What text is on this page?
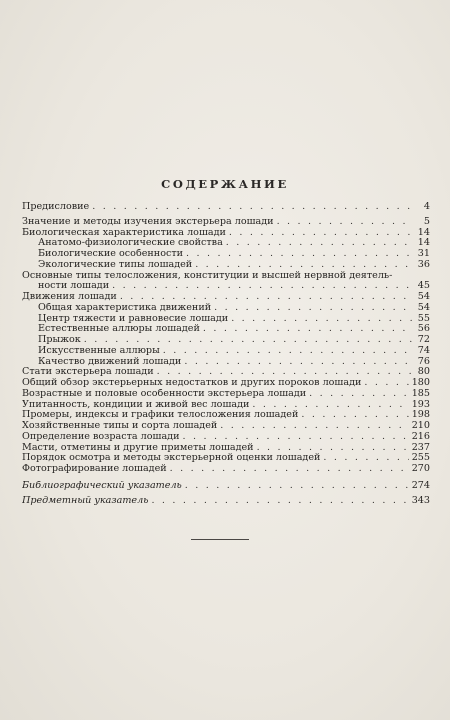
СОДЕРЖАНИЕ
Предисловие . . .	4
Значение и методы изучения экстерьера лошади . . .	5
Биологическая характеристика лошади . . .	14
Анатомо-физиологические свойства . . .	14
Биологические особенности . . .	31
Экологические типы лошадей . . .	36
Основные типы телосложения, конституции и высшей нервной деятель-
ности лошади . . .	45
Движения лошади . . .	54
Общая характеристика движений . . .	54
Центр тяжести и равновесие лошади . . .	55
Естественные аллюры лошадей . . .	56
Прыжок . . .	72
Искусственные аллюры . . .	74
Качество движений лошади . . .	76
Стати экстерьера лошади . . .	80
Общий обзор экстерьерных недостатков и других пороков лошади . . .	180
Возрастные и половые особенности экстерьера лошади . . .	185
Упитанность, кондиции и живой вес лошади . . .	193
Промеры, индексы и графики телосложения лошадей . . .	198
Хозяйственные типы и сорта лошадей . . .	210
Определение возраста лошади . . .	216
Масти, отметины и другие приметы лошадей . . .	237
Порядок осмотра и методы экстерьерной оценки лошадей . . .	255
Фотографирование лошадей . . .	270
Библиографический указатель . . .	274
Предметный указатель . . .	343
